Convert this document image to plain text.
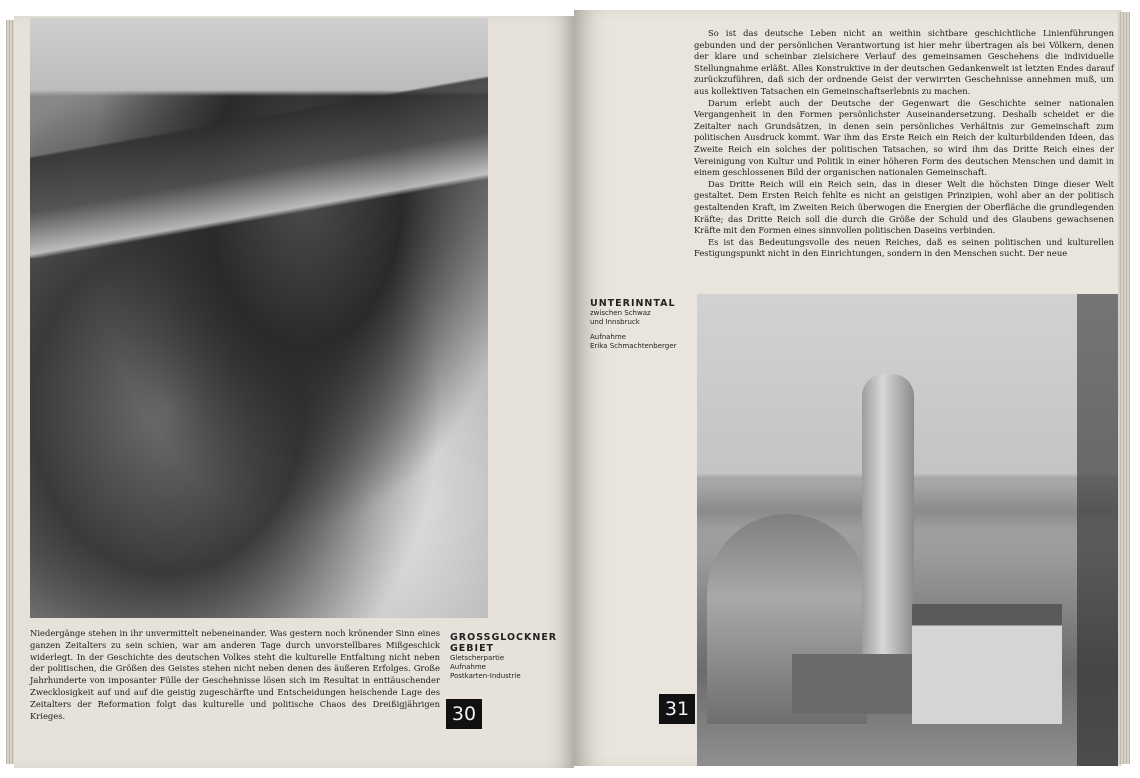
Niedergänge stehen in ihr unvermittelt nebeneinander. Was gestern noch krönender Sinn eines ganzen Zeitalters zu sein schien, war am anderen Tage durch unvorstellbares Mißgeschick widerlegt. In der Geschichte des deutschen Volkes steht die kulturelle Entfaltung nicht neben der politischen, die Größen des Geistes stehen nicht neben denen des äußeren Erfolges. Große Jahrhunderte von imposanter Fülle der Geschehnisse lösen sich im Resultat in enttäuschender Zwecklosigkeit auf und auf die geistig zugeschärfte und Entscheidungen heischende Lage des Zeitalters der Reformation folgt das kulturelle und politische Chaos des Dreißigjährigen Krieges.

GROSSGLOCKNER
GEBIET
Gletscherpartie
Aufnahme
Postkarten-Industrie
30

So ist das deutsche Leben nicht an weithin sichtbare geschichtliche Linienführungen gebunden und der persönlichen Verantwortung ist hier mehr übertragen als bei Völkern, denen der klare und scheinbar zielsichere Verlauf des gemeinsamen Geschehens die individuelle Stellungnahme erläßt. Alles Konstruktive in der deutschen Gedankenwelt ist letzten Endes darauf zurückzuführen, daß sich der ordnende Geist der verwirrten Geschehnisse annehmen muß, um aus kollektiven Tatsachen ein Gemeinschaftserlebnis zu machen.

Darum erlebt auch der Deutsche der Gegenwart die Geschichte seiner nationalen Vergangenheit in den Formen persönlichster Auseinandersetzung. Deshalb scheidet er die Zeitalter nach Grundsätzen, in denen sein persönliches Verhältnis zur Gemeinschaft zum politischen Ausdruck kommt. War ihm das Erste Reich ein Reich der kulturbildenden Ideen, das Zweite Reich ein solches der politischen Tatsachen, so wird ihm das Dritte Reich eines der Vereinigung von Kultur und Politik in einer höheren Form des deutschen Menschen und damit in einem geschlossenen Bild der organischen nationalen Gemeinschaft.

Das Dritte Reich will ein Reich sein, das in dieser Welt die höchsten Dinge dieser Welt gestaltet. Dem Ersten Reich fehlte es nicht an geistigen Prinzipien, wohl aber an der politisch gestaltenden Kraft, im Zweiten Reich überwogen die Energien der Oberfläche die grundlegenden Kräfte; das Dritte Reich soll die durch die Größe der Schuld und des Glaubens gewachsenen Kräfte mit den Formen eines sinnvollen politischen Daseins verbinden.

Es ist das Bedeutungsvolle des neuen Reiches, daß es seinen politischen und kulturellen Festigungspunkt nicht in den Einrichtungen, sondern in den Menschen sucht. Der neue

UNTERINNTAL
zwischen Schwaz
und Innsbruck
Aufnahme
Erika Schmachtenberger
31
